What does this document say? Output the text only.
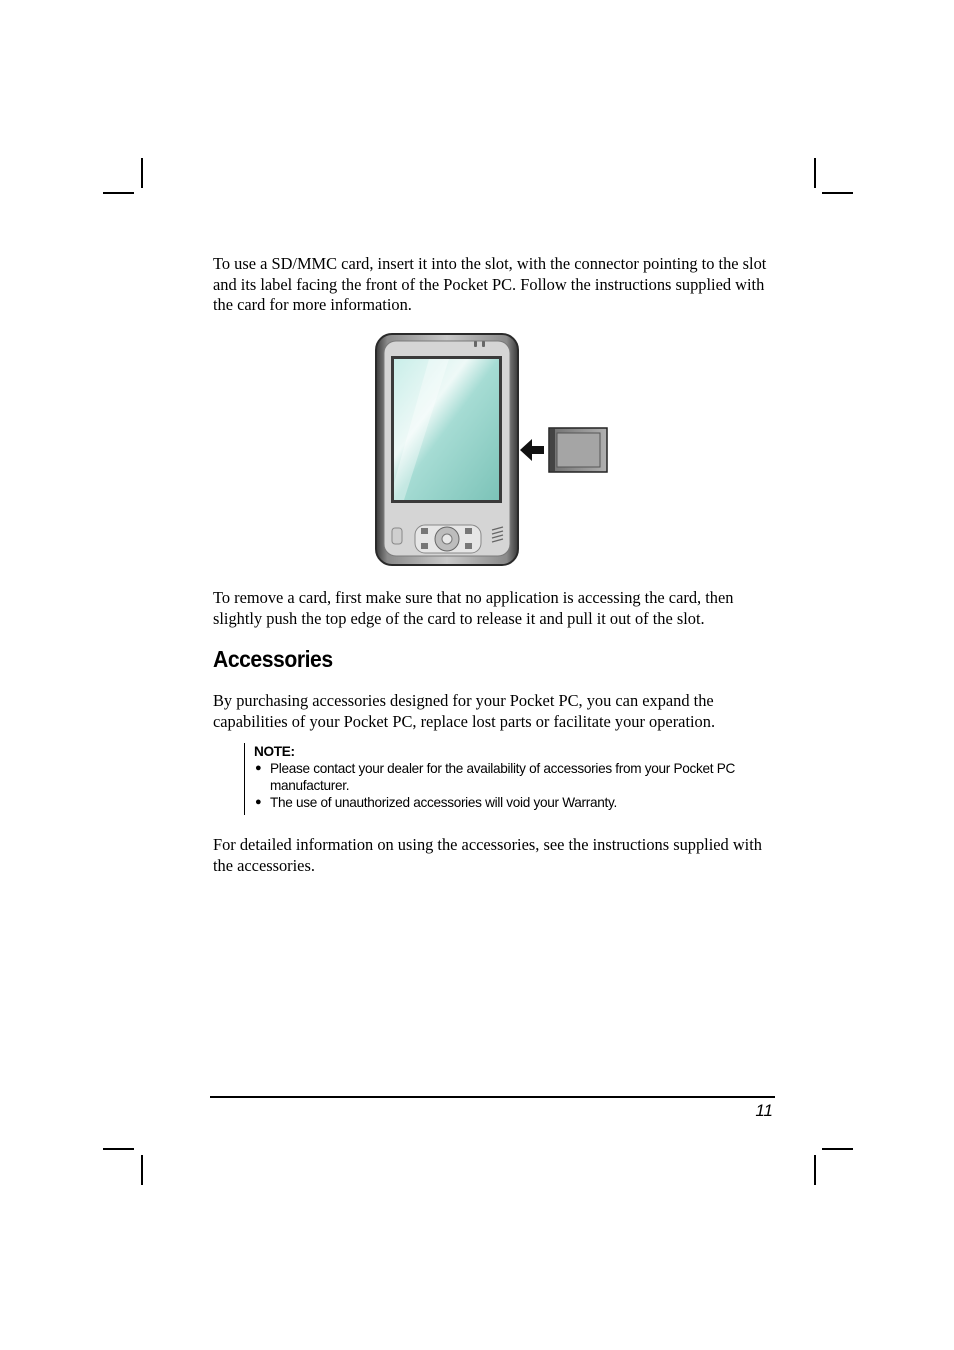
To use a SD/MMC card, insert it into the slot, with the connector pointing to the slot and its label facing the front of the Pocket PC. Follow the instructions supplied with the card for more information.

To remove a card, first make sure that no application is accessing the card, then slightly push the top edge of the card to release it and pull it out of the slot.

Accessories

By purchasing accessories designed for your Pocket PC, you can expand the capabilities of your Pocket PC, replace lost parts or facilitate your operation.

NOTE:

● Please contact your dealer for the availability of accessories from your Pocket PC manufacturer.
● The use of unauthorized accessories will void your Warranty.

For detailed information on using the accessories, see the instructions supplied with the accessories.

11
